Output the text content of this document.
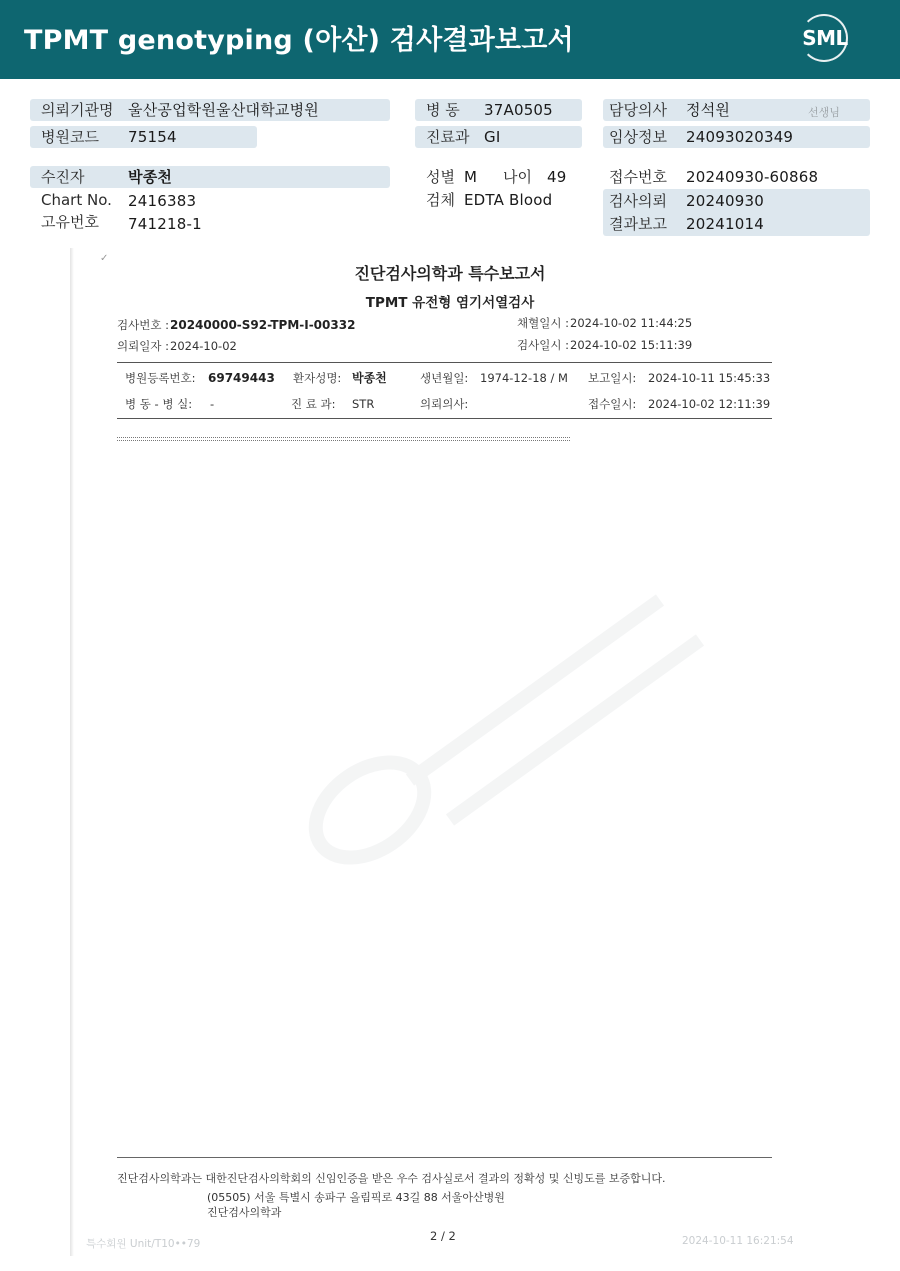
TPMT genotyping (아산) 검사결과보고서	SML
의뢰기관명 울산공업학원울산대학교병원
병원코드 75154
수진자	박종천
Chart No. 2416383
고유번호 741218-1
병 동 37A0505
진료과 GI
성별 M 나이 49
검체 EDTA Blood
담당의사 정석원	선생님
임상정보 24093020349
접수번호 20240930-60868
검사의뢰 20240930
결과보고 20241014
✓
진단검사의학과 특수보고서
TPMT 유전형 염기서열검사
검사번호 : 20240000-S92-TPM-I-00332
의뢰일자 : 2024-10-02
채혈일시 : 2024-10-02 11:44:25
검사일시 : 2024-10-02 15:11:39
병원등록번호: 69749443 환자성명: 박종천	생년월일: 1974-12-18 / M 보고일시: 2024-10-11 15:45:33
병 동 - 병 실: -	진 료 과: STR	의뢰의사:	접수일시: 2024-10-02 12:11:39
진단검사의학과는 대한진단검사의학회의 신임인증을 받은 우수 검사실로서 결과의 정확성 및 신빙도를 보증합니다.
(05505) 서울 특별시 송파구 올림픽로 43길 88 서울아산병원
진단검사의학과
2 / 2
특수회원 Unit/T10••79	2024-10-11 16:21:54
